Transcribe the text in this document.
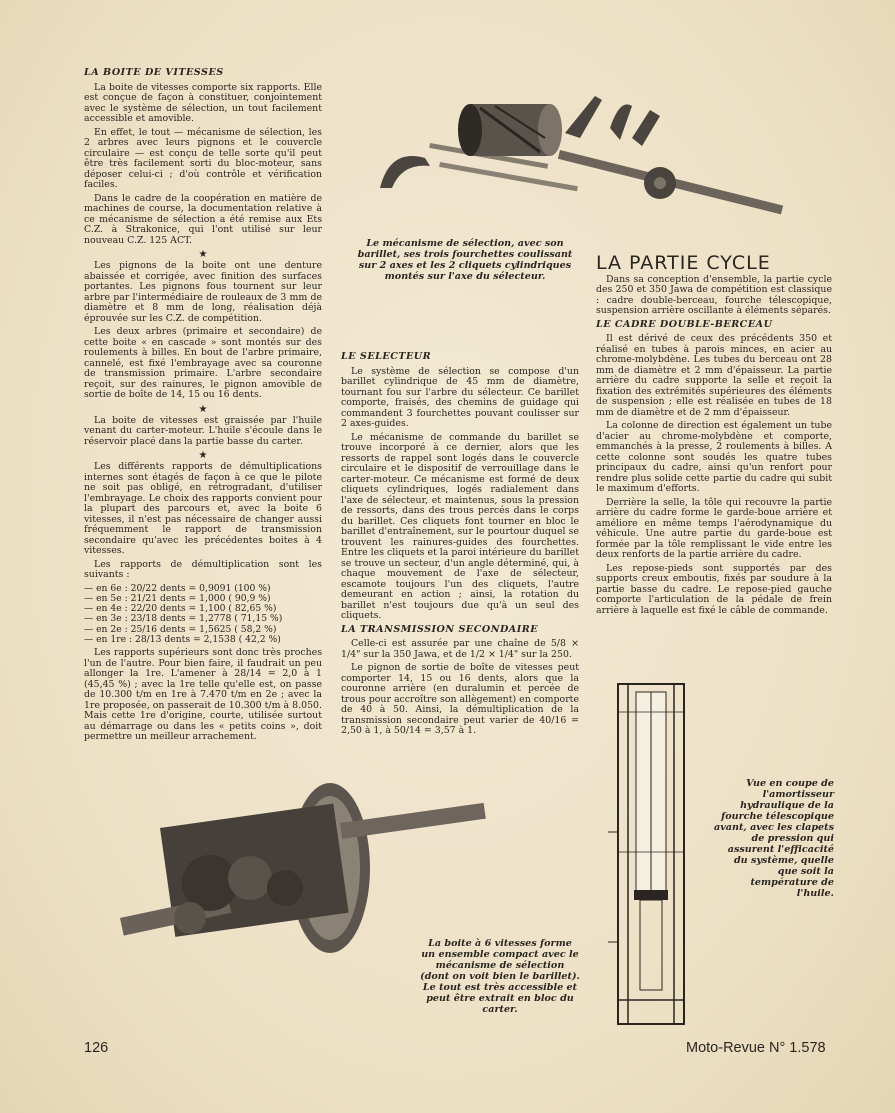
LA BOITE DE VITESSES

La boite de vitesses comporte six rapports. Elle est conçue de façon à constituer, conjointement avec le système de sélection, un tout facilement accessible et amovible.

En effet, le tout — mécanisme de sélection, les 2 arbres avec leurs pignons et le couvercle circulaire — est conçu de telle sorte qu'il peut être très facilement sorti du bloc-moteur, sans déposer celui-ci ; d'où contrôle et vérification faciles.

Dans le cadre de la coopération en matière de machines de course, la documentation relative à ce mécanisme de sélection a été remise aux Ets C.Z. à Strakonice, qui l'ont utilisé sur leur nouveau C.Z. 125 ACT.

★

Les pignons de la boite ont une denture abaissée et corrigée, avec finition des surfaces portantes. Les pignons fous tournent sur leur arbre par l'intermédiaire de rouleaux de 3 mm de diamètre et 8 mm de long, réalisation déjà éprouvée sur les C.Z. de compétition.

Les deux arbres (primaire et secondaire) de cette boite « en cascade » sont montés sur des roulements à billes. En bout de l'arbre primaire, cannelé, est fixé l'embrayage avec sa couronne de transmission primaire. L'arbre secondaire reçoit, sur des rainures, le pignon amovible de sortie de boîte de 14, 15 ou 16 dents.

★

La boite de vitesses est graissée par l'huile venant du carter-moteur. L'huile s'écoule dans le réservoir placé dans la partie basse du carter.

★

Les différents rapports de démultiplications internes sont étagés de façon à ce que le pilote ne soit pas obligé, en rétrogradant, d'utiliser l'embrayage. Le choix des rapports convient pour la plupart des parcours et, avec la boite 6 vitesses, il n'est pas nécessaire de changer aussi fréquemment le rapport de transmission secondaire qu'avec les précédentes boites à 4 vitesses.

Les rapports de démultiplication sont les suivants :

— en 6e : 20/22 dents = 0,9091 (100 %)
— en 5e : 21/21 dents = 1,000 ( 90,9 %)
— en 4e : 22/20 dents = 1,100 ( 82,65 %)
— en 3e : 23/18 dents = 1,2778 ( 71,15 %)
— en 2e : 25/16 dents = 1,5625 ( 58,2 %)
— en 1re : 28/13 dents = 2,1538 ( 42,2 %)

Les rapports supérieurs sont donc très proches l'un de l'autre. Pour bien faire, il faudrait un peu allonger la 1re. L'amener à 28/14 = 2,0 à 1 (45,45 %) ; avec la 1re telle qu'elle est, on passe de 10.300 t/m en 1re à 7.470 t/m en 2e ; avec la 1re proposée, on passerait de 10.300 t/m à 8.050. Mais cette 1re d'origine, courte, utilisée surtout au démarrage ou dans les « petits coins », doit permettre un meilleur arrachement.

Le mécanisme de sélection, avec son barillet, ses trois fourchettes coulissant sur 2 axes et les 2 cliquets cylindriques montés sur l'axe du sélecteur.
LE SELECTEUR

Le système de sélection se compose d'un barillet cylindrique de 45 mm de diamètre, tournant fou sur l'arbre du sélecteur. Ce barillet comporte, fraisés, des chemins de guidage qui commandent 3 fourchettes pouvant coulisser sur 2 axes-guides.

Le mécanisme de commande du barillet se trouve incorporé à ce dernier, alors que les ressorts de rappel sont logés dans le couvercle circulaire et le dispositif de verrouillage dans le carter-moteur. Ce mécanisme est formé de deux cliquets cylindriques, logés radialement dans l'axe de sélecteur, et maintenus, sous la pression de ressorts, dans des trous percés dans le corps du barillet. Ces cliquets font tourner en bloc le barillet d'entraînement, sur le pourtour duquel se trouvent les rainures-guides des fourchettes. Entre les cliquets et la paroi intérieure du barillet se trouve un secteur, d'un angle déterminé, qui, à chaque mouvement de l'axe de sélecteur, escamote toujours l'un des cliquets, l'autre demeurant en action ; ainsi, la rotation du barillet n'est toujours due qu'à un seul des cliquets.

LA TRANSMISSION SECONDAIRE

Celle-ci est assurée par une chaîne de 5/8 × 1/4" sur la 350 Jawa, et de 1/2 × 1/4" sur la 250.

Le pignon de sortie de boîte de vitesses peut comporter 14, 15 ou 16 dents, alors que la couronne arrière (en duralumin et percée de trous pour accroître son allègement) en comporte de 40 à 50. Ainsi, la démultiplication de la transmission secondaire peut varier de 40/16 = 2,50 à 1, à 50/14 = 3,57 à 1.

La boite à 6 vitesses forme un ensemble compact avec le mécanisme de sélection (dont on voit bien le barillet). Le tout est très accessible et peut être extrait en bloc du carter.
LA PARTIE CYCLE

Dans sa conception d'ensemble, la partie cycle des 250 et 350 Jawa de compétition est classique : cadre double-berceau, fourche télescopique, suspension arrière oscillante à éléments séparés.

LE CADRE DOUBLE-BERCEAU

Il est dérivé de ceux des précédents 350 et réalisé en tubes à parois minces, en acier au chrome-molybdène. Les tubes du berceau ont 28 mm de diamètre et 2 mm d'épaisseur. La partie arrière du cadre supporte la selle et reçoit la fixation des extrémités supérieures des éléments de suspension ; elle est réalisée en tubes de 18 mm de diamètre et de 2 mm d'épaisseur.

La colonne de direction est également un tube d'acier au chrome-molybdène et comporte, emmanchés à la presse, 2 roulements à billes. A cette colonne sont soudés les quatre tubes principaux du cadre, ainsi qu'un renfort pour rendre plus solide cette partie du cadre qui subit le maximum d'efforts.

Derrière la selle, la tôle qui recouvre la partie arrière du cadre forme le garde-boue arrière et améliore en même temps l'aérodynamique du véhicule. Une autre partie du garde-boue est formée par la tôle remplissant le vide entre les deux renforts de la partie arrière du cadre.

Les repose-pieds sont supportés par des supports creux emboutis, fixés par soudure à la partie basse du cadre. Le repose-pied gauche comporte l'articulation de la pédale de frein arrière à laquelle est fixé le câble de commande.

Vue en coupe de l'amortisseur hydraulique de la fourche télescopique avant, avec les clapets de pression qui assurent l'efficacité du système, quelle que soit la température de l'huile.
126	Moto-Revue N° 1.578
